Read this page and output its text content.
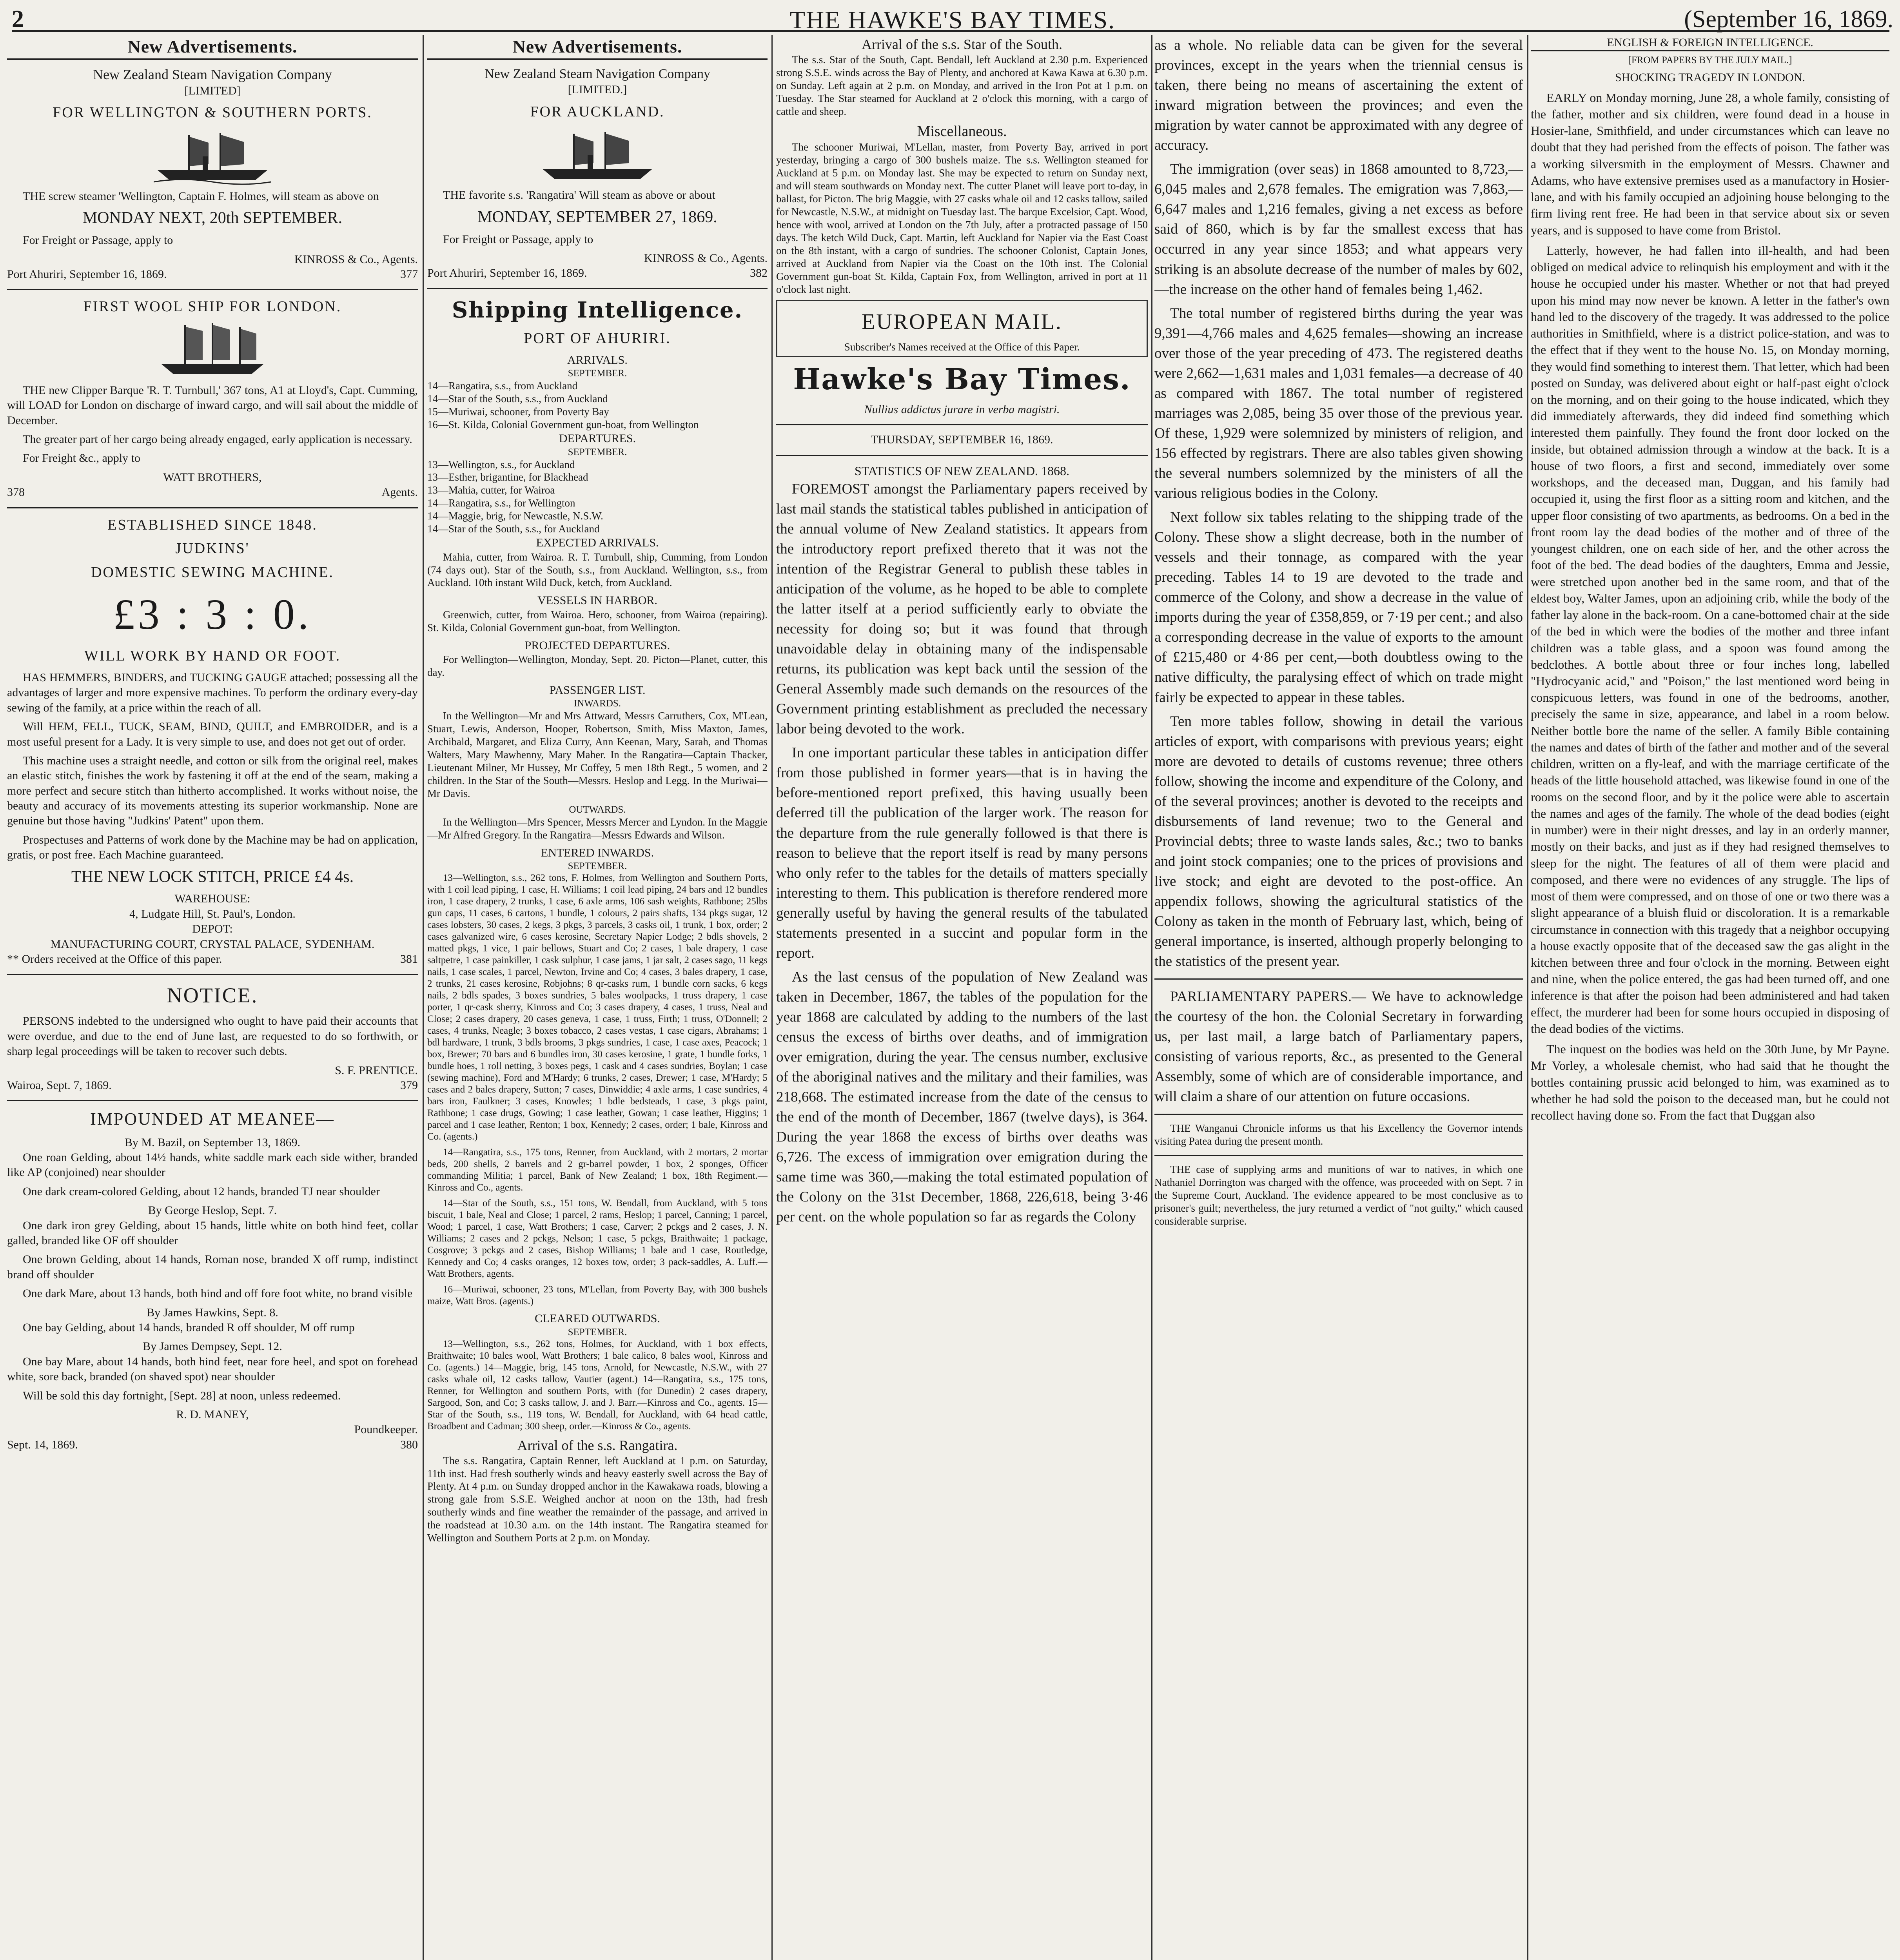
2	THE HAWKE'S BAY TIMES.	(September 16, 1869.
New Advertisements.
New Zealand Steam Navigation Company
[LIMITED]
FOR WELLINGTON & SOUTHERN PORTS.

THE screw steamer 'Wellington, Captain F. Holmes, will steam as above on

MONDAY NEXT, 20th SEPTEMBER.

For Freight or Passage, apply to

KINROSS & Co., Agents.
Port Ahuriri, September 16, 1869.	377
FIRST WOOL SHIP FOR LONDON.

THE new Clipper Barque 'R. T. Turnbull,' 367 tons, A1 at Lloyd's, Capt. Cumming, will LOAD for London on discharge of inward cargo, and will sail about the middle of December.

The greater part of her cargo being already engaged, early application is necessary.

For Freight &c., apply to

WATT BROTHERS,
378	Agents.
ESTABLISHED SINCE 1848.
JUDKINS'
DOMESTIC SEWING MACHINE.
£3 : 3 : 0.
WILL WORK BY HAND OR FOOT.

HAS HEMMERS, BINDERS, and TUCKING GAUGE attached; possessing all the advantages of larger and more expensive machines. To perform the ordinary every-day sewing of the family, at a price within the reach of all.

Will HEM, FELL, TUCK, SEAM, BIND, QUILT, and EMBROIDER, and is a most useful present for a Lady. It is very simple to use, and does not get out of order.

This machine uses a straight needle, and cotton or silk from the original reel, makes an elastic stitch, finishes the work by fastening it off at the end of the seam, making a more perfect and secure stitch than hitherto accomplished. It works without noise, the beauty and accuracy of its movements attesting its superior workmanship. None are genuine but those having "Judkins' Patent" upon them.

Prospectuses and Patterns of work done by the Machine may be had on application, gratis, or post free. Each Machine guaranteed.

THE NEW LOCK STITCH, PRICE £4 4s.
WAREHOUSE:
4, Ludgate Hill, St. Paul's, London.
DEPOT:
MANUFACTURING COURT, CRYSTAL PALACE, SYDENHAM.
** Orders received at the Office of this paper.	381
NOTICE.

PERSONS indebted to the undersigned who ought to have paid their accounts that were overdue, and due to the end of June last, are requested to do so forthwith, or sharp legal proceedings will be taken to recover such debts.

S. F. PRENTICE.
Wairoa, Sept. 7, 1869.	379
IMPOUNDED AT MEANEE—
By M. Bazil, on September 13, 1869.

One roan Gelding, about 14½ hands, white saddle mark each side wither, branded like AP (conjoined) near shoulder

One dark cream-colored Gelding, about 12 hands, branded TJ near shoulder

By George Heslop, Sept. 7.

One dark iron grey Gelding, about 15 hands, little white on both hind feet, collar galled, branded like OF off shoulder

One brown Gelding, about 14 hands, Roman nose, branded X off rump, indistinct brand off shoulder

One dark Mare, about 13 hands, both hind and off fore foot white, no brand visible

By James Hawkins, Sept. 8.

One bay Gelding, about 14 hands, branded R off shoulder, M off rump

By James Dempsey, Sept. 12.

One bay Mare, about 14 hands, both hind feet, near fore heel, and spot on forehead white, sore back, branded (on shaved spot) near shoulder

Will be sold this day fortnight, [Sept. 28] at noon, unless redeemed.

R. D. MANEY,
Poundkeeper.
Sept. 14, 1869.	380
New Advertisements.
New Zealand Steam Navigation Company
[LIMITED.]
FOR AUCKLAND.

THE favorite s.s. 'Rangatira' Will steam as above or about

MONDAY, SEPTEMBER 27, 1869.

For Freight or Passage, apply to

KINROSS & Co., Agents.
Port Ahuriri, September 16, 1869.	382
Shipping Intelligence.
PORT OF AHURIRI.
ARRIVALS.
SEPTEMBER.
14—Rangatira, s.s., from Auckland
14—Star of the South, s.s., from Auckland
15—Muriwai, schooner, from Poverty Bay
16—St. Kilda, Colonial Government gun-boat, from Wellington
DEPARTURES.
SEPTEMBER.
13—Wellington, s.s., for Auckland
13—Esther, brigantine, for Blackhead
13—Mahia, cutter, for Wairoa
14—Rangatira, s.s., for Wellington
14—Maggie, brig, for Newcastle, N.S.W.
14—Star of the South, s.s., for Auckland
EXPECTED ARRIVALS.

Mahia, cutter, from Wairoa. R. T. Turnbull, ship, Cumming, from London (74 days out). Star of the South, s.s., from Auckland. Wellington, s.s., from Auckland. 10th instant Wild Duck, ketch, from Auckland.

VESSELS IN HARBOR.

Greenwich, cutter, from Wairoa. Hero, schooner, from Wairoa (repairing). St. Kilda, Colonial Government gun-boat, from Wellington.

PROJECTED DEPARTURES.

For Wellington—Wellington, Monday, Sept. 20. Picton—Planet, cutter, this day.

PASSENGER LIST.
INWARDS.

In the Wellington—Mr and Mrs Attward, Messrs Carruthers, Cox, M'Lean, Stuart, Lewis, Anderson, Hooper, Robertson, Smith, Miss Maxton, James, Archibald, Margaret, and Eliza Curry, Ann Keenan, Mary, Sarah, and Thomas Walters, Mary Mawhenny, Mary Maher. In the Rangatira—Captain Thacker, Lieutenant Milner, Mr Hussey, Mr Coffey, 5 men 18th Regt., 5 women, and 2 children. In the Star of the South—Messrs. Heslop and Legg. In the Muriwai—Mr Davis.

OUTWARDS.

In the Wellington—Mrs Spencer, Messrs Mercer and Lyndon. In the Maggie—Mr Alfred Gregory. In the Rangatira—Messrs Edwards and Wilson.

ENTERED INWARDS.
SEPTEMBER.

13—Wellington, s.s., 262 tons, F. Holmes, from Wellington and Southern Ports, with 1 coil lead piping, 1 case, H. Williams; 1 coil lead piping, 24 bars and 12 bundles iron, 1 case drapery, 2 trunks, 1 case, 6 axle arms, 106 sash weights, Rathbone; 25lbs gun caps, 11 cases, 6 cartons, 1 bundle, 1 colours, 2 pairs shafts, 134 pkgs sugar, 12 cases lobsters, 30 cases, 2 kegs, 3 pkgs, 3 parcels, 3 casks oil, 1 trunk, 1 box, order; 2 cases galvanized wire, 6 cases kerosine, Secretary Napier Lodge; 2 bdls shovels, 2 matted pkgs, 1 vice, 1 pair bellows, Stuart and Co; 2 cases, 1 bale drapery, 1 case saltpetre, 1 case painkiller, 1 cask sulphur, 1 case jams, 1 jar salt, 2 cases sago, 11 kegs nails, 1 case scales, 1 parcel, Newton, Irvine and Co; 4 cases, 3 bales drapery, 1 case, 2 trunks, 21 cases kerosine, Robjohns; 8 qr-casks rum, 1 bundle corn sacks, 6 kegs nails, 2 bdls spades, 3 boxes sundries, 5 bales woolpacks, 1 truss drapery, 1 case porter, 1 qr-cask sherry, Kinross and Co; 3 cases drapery, 4 cases, 1 truss, Neal and Close; 2 cases drapery, 20 cases geneva, 1 case, 1 truss, Firth; 1 truss, O'Donnell; 2 cases, 4 trunks, Neagle; 3 boxes tobacco, 2 cases vestas, 1 case cigars, Abrahams; 1 bdl hardware, 1 trunk, 3 bdls brooms, 3 pkgs sundries, 1 case, 1 case axes, Peacock; 1 box, Brewer; 70 bars and 6 bundles iron, 30 cases kerosine, 1 grate, 1 bundle forks, 1 bundle hoes, 1 roll netting, 3 boxes pegs, 1 cask and 4 cases sundries, Boylan; 1 case (sewing machine), Ford and M'Hardy; 6 trunks, 2 cases, Drewer; 1 case, M'Hardy; 5 cases and 2 bales drapery, Sutton; 7 cases, Dinwiddie; 4 axle arms, 1 case sundries, 4 bars iron, Faulkner; 3 cases, Knowles; 1 bdle bedsteads, 1 case, 3 pkgs paint, Rathbone; 1 case drugs, Gowing; 1 case leather, Gowan; 1 case leather, Higgins; 1 parcel and 1 case leather, Renton; 1 box, Kennedy; 2 cases, order; 1 bale, Kinross and Co. (agents.)

14—Rangatira, s.s., 175 tons, Renner, from Auckland, with 2 mortars, 2 mortar beds, 200 shells, 2 barrels and 2 gr-barrel powder, 1 box, 2 sponges, Officer commanding Militia; 1 parcel, Bank of New Zealand; 1 box, 18th Regiment.—Kinross and Co., agents.

14—Star of the South, s.s., 151 tons, W. Bendall, from Auckland, with 5 tons biscuit, 1 bale, Neal and Close; 1 parcel, 2 rams, Heslop; 1 parcel, Canning; 1 parcel, Wood; 1 parcel, 1 case, Watt Brothers; 1 case, Carver; 2 pckgs and 2 cases, J. N. Williams; 2 cases and 2 pckgs, Nelson; 1 case, 5 pckgs, Braithwaite; 1 package, Cosgrove; 3 pckgs and 2 cases, Bishop Williams; 1 bale and 1 case, Routledge, Kennedy and Co; 4 casks oranges, 12 boxes tow, order; 3 pack-saddles, A. Luff.—Watt Brothers, agents.

16—Muriwai, schooner, 23 tons, M'Lellan, from Poverty Bay, with 300 bushels maize, Watt Bros. (agents.)

CLEARED OUTWARDS.
SEPTEMBER.

13—Wellington, s.s., 262 tons, Holmes, for Auckland, with 1 box effects, Braithwaite; 10 bales wool, Watt Brothers; 1 bale calico, 8 bales wool, Kinross and Co. (agents.) 14—Maggie, brig, 145 tons, Arnold, for Newcastle, N.S.W., with 27 casks whale oil, 12 casks tallow, Vautier (agent.) 14—Rangatira, s.s., 175 tons, Renner, for Wellington and southern Ports, with (for Dunedin) 2 cases drapery, Sargood, Son, and Co; 3 casks tallow, J. and J. Barr.—Kinross and Co., agents. 15—Star of the South, s.s., 119 tons, W. Bendall, for Auckland, with 64 head cattle, Broadbent and Cadman; 300 sheep, order.—Kinross & Co., agents.

Arrival of the s.s. Rangatira.

The s.s. Rangatira, Captain Renner, left Auckland at 1 p.m. on Saturday, 11th inst. Had fresh southerly winds and heavy easterly swell across the Bay of Plenty. At 4 p.m. on Sunday dropped anchor in the Kawakawa roads, blowing a strong gale from S.S.E. Weighed anchor at noon on the 13th, had fresh southerly winds and fine weather the remainder of the passage, and arrived in the roadstead at 10.30 a.m. on the 14th instant. The Rangatira steamed for Wellington and Southern Ports at 2 p.m. on Monday.

Arrival of the s.s. Star of the South.

The s.s. Star of the South, Capt. Bendall, left Auckland at 2.30 p.m. Experienced strong S.S.E. winds across the Bay of Plenty, and anchored at Kawa Kawa at 6.30 p.m. on Sunday. Left again at 2 p.m. on Monday, and arrived in the Iron Pot at 1 p.m. on Tuesday. The Star steamed for Auckland at 2 o'clock this morning, with a cargo of cattle and sheep.

Miscellaneous.

The schooner Muriwai, M'Lellan, master, from Poverty Bay, arrived in port yesterday, bringing a cargo of 300 bushels maize. The s.s. Wellington steamed for Auckland at 5 p.m. on Monday last. She may be expected to return on Sunday next, and will steam southwards on Monday next. The cutter Planet will leave port to-day, in ballast, for Picton. The brig Maggie, with 27 casks whale oil and 12 casks tallow, sailed for Newcastle, N.S.W., at midnight on Tuesday last. The barque Excelsior, Capt. Wood, hence with wool, arrived at London on the 7th July, after a protracted passage of 150 days. The ketch Wild Duck, Capt. Martin, left Auckland for Napier via the East Coast on the 8th instant, with a cargo of sundries. The schooner Colonist, Captain Jones, arrived at Auckland from Napier via the Coast on the 10th inst. The Colonial Government gun-boat St. Kilda, Captain Fox, from Wellington, arrived in port at 11 o'clock last night.

EUROPEAN MAIL.
Subscriber's Names received at the Office of this Paper.
Hawke's Bay Times.
Nullius addictus jurare in verba magistri.
THURSDAY, SEPTEMBER 16, 1869.
STATISTICS OF NEW ZEALAND. 1868.

FOREMOST amongst the Parliamentary papers received by last mail stands the statistical tables published in anticipation of the annual volume of New Zealand statistics. It appears from the introductory report prefixed thereto that it was not the intention of the Registrar General to publish these tables in anticipation of the volume, as he hoped to be able to complete the latter itself at a period sufficiently early to obviate the necessity for doing so; but it was found that through unavoidable delay in obtaining many of the indispensable returns, its publication was kept back until the session of the General Assembly made such demands on the resources of the Government printing establishment as precluded the necessary labor being devoted to the work.

In one important particular these tables in anticipation differ from those published in former years—that is in having the before-mentioned report prefixed, this having usually been deferred till the publication of the larger work. The reason for the departure from the rule generally followed is that there is reason to believe that the report itself is read by many persons who only refer to the tables for the details of matters specially interesting to them. This publication is therefore rendered more generally useful by having the general results of the tabulated statements presented in a succint and popular form in the report.

As the last census of the population of New Zealand was taken in December, 1867, the tables of the population for the year 1868 are calculated by adding to the numbers of the last census the excess of births over deaths, and of immigration over emigration, during the year. The census number, exclusive of the aboriginal natives and the military and their families, was 218,668. The estimated increase from the date of the census to the end of the month of December, 1867 (twelve days), is 364. During the year 1868 the excess of births over deaths was 6,726. The excess of immigration over emigration during the same time was 360,—making the total estimated population of the Colony on the 31st December, 1868, 226,618, being 3·46 per cent. on the whole population so far as regards the Colony

as a whole. No reliable data can be given for the several provinces, except in the years when the triennial census is taken, there being no means of ascertaining the extent of inward migration between the provinces; and even the migration by water cannot be approximated with any degree of accuracy.

The immigration (over seas) in 1868 amounted to 8,723,—6,045 males and 2,678 females. The emigration was 7,863,—6,647 males and 1,216 females, giving a net excess as before said of 860, which is by far the smallest excess that has occurred in any year since 1853; and what appears very striking is an absolute decrease of the number of males by 602,—the increase on the other hand of females being 1,462.

The total number of registered births during the year was 9,391—4,766 males and 4,625 females—showing an increase over those of the year preceding of 473. The registered deaths were 2,662—1,631 males and 1,031 females—a decrease of 40 as compared with 1867. The total number of registered marriages was 2,085, being 35 over those of the previous year. Of these, 1,929 were solemnized by ministers of religion, and 156 effected by registrars. There are also tables given showing the several numbers solemnized by the ministers of all the various religious bodies in the Colony.

Next follow six tables relating to the shipping trade of the Colony. These show a slight decrease, both in the number of vessels and their tonnage, as compared with the year preceding. Tables 14 to 19 are devoted to the trade and commerce of the Colony, and show a decrease in the value of imports during the year of £358,859, or 7·19 per cent.; and also a corresponding decrease in the value of exports to the amount of £215,480 or 4·86 per cent,—both doubtless owing to the native difficulty, the paralysing effect of which on trade might fairly be expected to appear in these tables.

Ten more tables follow, showing in detail the various articles of export, with comparisons with previous years; eight more are devoted to details of customs revenue; three others follow, showing the income and expenditure of the Colony, and of the several provinces; another is devoted to the receipts and disbursements of land revenue; two to the General and Provincial debts; three to waste lands sales, &c.; two to banks and joint stock companies; one to the prices of provisions and live stock; and eight are devoted to the post-office. An appendix follows, showing the agricultural statistics of the Colony as taken in the month of February last, which, being of general importance, is inserted, although properly belonging to the statistics of the present year.

PARLIAMENTARY PAPERS.— We have to acknowledge the courtesy of the hon. the Colonial Secretary in forwarding us, per last mail, a large batch of Parliamentary papers, consisting of various reports, &c., as presented to the General Assembly, some of which are of considerable importance, and will claim a share of our attention on future occasions.

THE Wanganui Chronicle informs us that his Excellency the Governor intends visiting Patea during the present month.

THE case of supplying arms and munitions of war to natives, in which one Nathaniel Dorrington was charged with the offence, was proceeded with on Sept. 7 in the Supreme Court, Auckland. The evidence appeared to be most conclusive as to prisoner's guilt; nevertheless, the jury returned a verdict of "not guilty," which caused considerable surprise.

ENGLISH & FOREIGN INTELLIGENCE.
[FROM PAPERS BY THE JULY MAIL.]
SHOCKING TRAGEDY IN LONDON.

EARLY on Monday morning, June 28, a whole family, consisting of the father, mother and six children, were found dead in a house in Hosier-lane, Smithfield, and under circumstances which can leave no doubt that they had perished from the effects of poison. The father was a working silversmith in the employment of Messrs. Chawner and Adams, who have extensive premises used as a manufactory in Hosier-lane, and with his family occupied an adjoining house belonging to the firm living rent free. He had been in that service about six or seven years, and is supposed to have come from Bristol.

Latterly, however, he had fallen into ill-health, and had been obliged on medical advice to relinquish his employment and with it the house he occupied under his master. Whether or not that had preyed upon his mind may now never be known. A letter in the father's own hand led to the discovery of the tragedy. It was addressed to the police authorities in Smithfield, where is a district police-station, and was to the effect that if they went to the house No. 15, on Monday morning, they would find something to interest them. That letter, which had been posted on Sunday, was delivered about eight or half-past eight o'clock on the morning, and on their going to the house indicated, which they did immediately afterwards, they did indeed find something which interested them painfully. They found the front door locked on the inside, but obtained admission through a window at the back. It is a house of two floors, a first and second, immediately over some workshops, and the deceased man, Duggan, and his family had occupied it, using the first floor as a sitting room and kitchen, and the upper floor consisting of two apartments, as bedrooms. On a bed in the front room lay the dead bodies of the mother and of three of the youngest children, one on each side of her, and the other across the foot of the bed. The dead bodies of the daughters, Emma and Jessie, were stretched upon another bed in the same room, and that of the eldest boy, Walter James, upon an adjoining crib, while the body of the father lay alone in the back-room. On a cane-bottomed chair at the side of the bed in which were the bodies of the mother and three infant children was a table glass, and a spoon was found among the bedclothes. A bottle about three or four inches long, labelled "Hydrocyanic acid," and "Poison," the last mentioned word being in conspicuous letters, was found in one of the bedrooms, another, precisely the same in size, appearance, and label in a room below. Neither bottle bore the name of the seller. A family Bible containing the names and dates of birth of the father and mother and of the several children, written on a fly-leaf, and with the marriage certificate of the heads of the little household attached, was likewise found in one of the rooms on the second floor, and by it the police were able to ascertain the names and ages of the family. The whole of the dead bodies (eight in number) were in their night dresses, and lay in an orderly manner, mostly on their backs, and just as if they had resigned themselves to sleep for the night. The features of all of them were placid and composed, and there were no evidences of any struggle. The lips of most of them were compressed, and on those of one or two there was a slight appearance of a bluish fluid or discoloration. It is a remarkable circumstance in connection with this tragedy that a neighbor occupying a house exactly opposite that of the deceased saw the gas alight in the kitchen between three and four o'clock in the morning. Between eight and nine, when the police entered, the gas had been turned off, and one inference is that after the poison had been administered and had taken effect, the murderer had been for some hours occupied in disposing of the dead bodies of the victims.

The inquest on the bodies was held on the 30th June, by Mr Payne. Mr Vorley, a wholesale chemist, who had said that he thought the bottles containing prussic acid belonged to him, was examined as to whether he had sold the poison to the deceased man, but he could not recollect having done so. From the fact that Duggan also
